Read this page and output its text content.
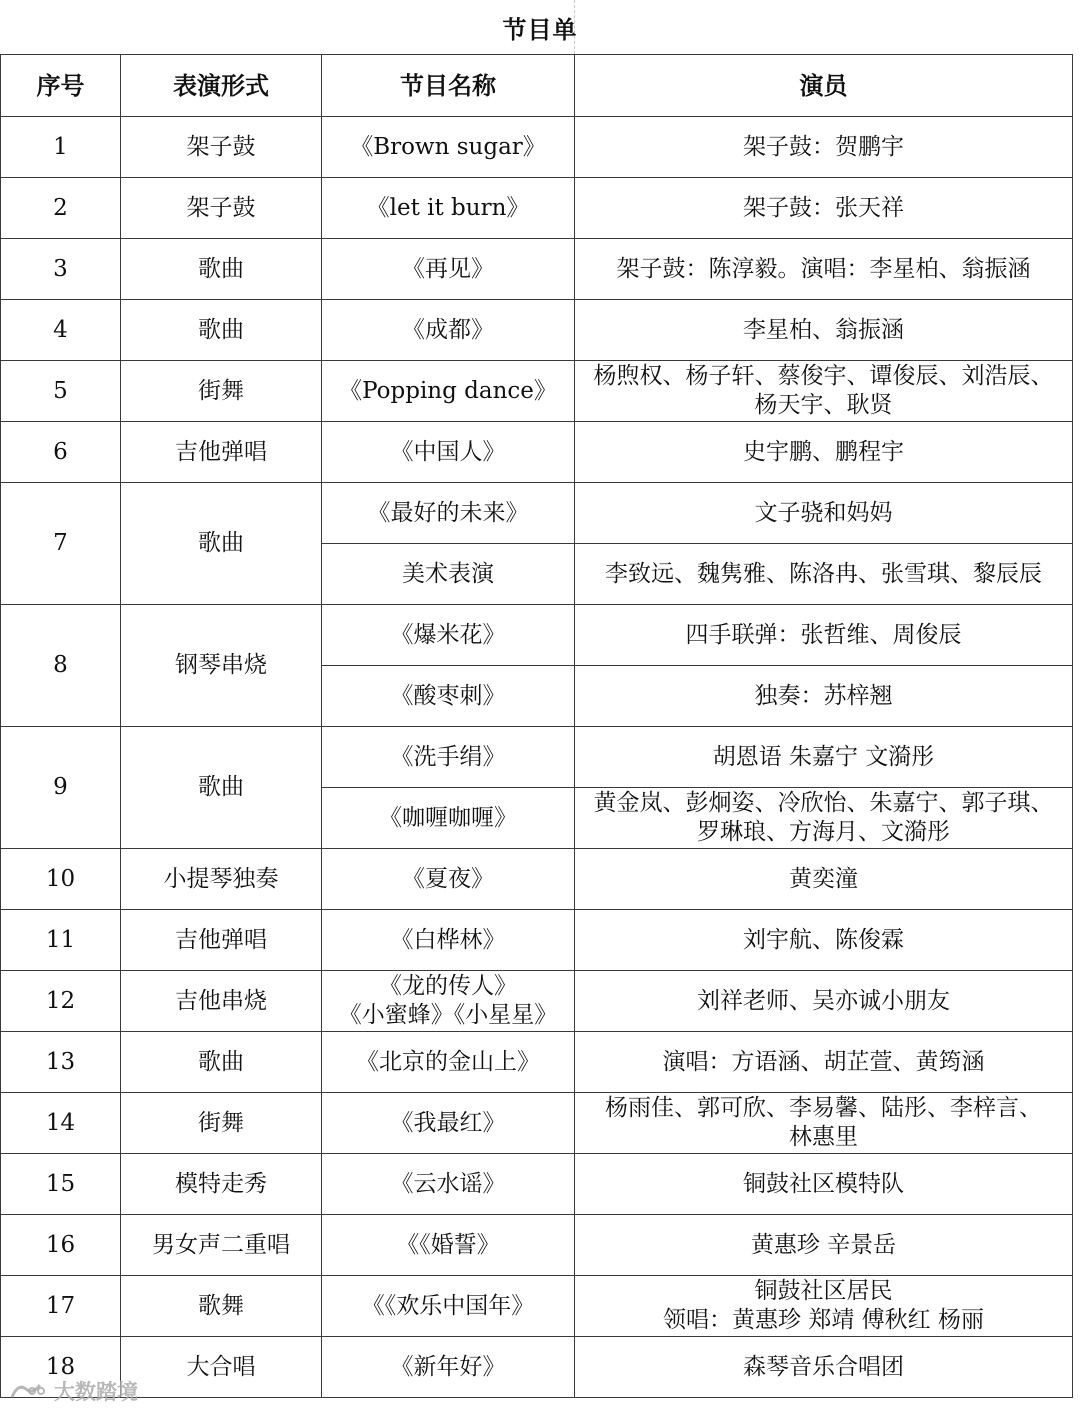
节目单
序号	表演形式	节目名称	演员
1	架子鼓	《Brown sugar》	架子鼓：贺鹏宇
2	架子鼓	《let it burn》	架子鼓：张天祥
3	歌曲	《再见》	架子鼓：陈淳毅。演唱：李星柏、翁振涵
4	歌曲	《成都》	李星柏、翁振涵
5	街舞	《Popping dance》	杨煦权、杨子轩、蔡俊宇、谭俊辰、刘浩辰、
杨天宇、耿贤

6	吉他弹唱	《中国人》	史宇鹏、鹏程宇
7	歌曲	《最好的未来》	文子骁和妈妈
		美术表演	李致远、魏隽雅、陈洛冉、张雪琪、黎辰辰
8	钢琴串烧	《爆米花》	四手联弹：张哲维、周俊辰
		《酸枣刺》	独奏：苏梓翘
9	歌曲	《洗手绢》	胡恩语 朱嘉宁 文漪彤
		《咖喱咖喱》	黄金岚、彭炯姿、冷欣怡、朱嘉宁、郭子琪、
罗琳琅、方海月、文漪彤

10	小提琴独奏	《夏夜》	黄奕潼
11	吉他弹唱	《白桦林》	刘宇航、陈俊霖
12	吉他串烧	《龙的传人》
《小蜜蜂》《小星星》	刘祥老师、吴亦诚小朋友
13	歌曲	《北京的金山上》	演唱：方语涵、胡芷萱、黄筠涵
14	街舞	《我最红》	杨雨佳、郭可欣、李易馨、陆彤、李梓言、
林惠里

15	模特走秀	《云水谣》	铜鼓社区模特队
16	男女声二重唱	《《婚誓》	黄惠珍 辛景岳
17	歌舞	《《欢乐中国年》	铜鼓社区居民
领唱：黄惠珍 郑靖 傅秋红 杨丽

18	大合唱	《新年好》	森琴音乐合唱团
大数踏境
